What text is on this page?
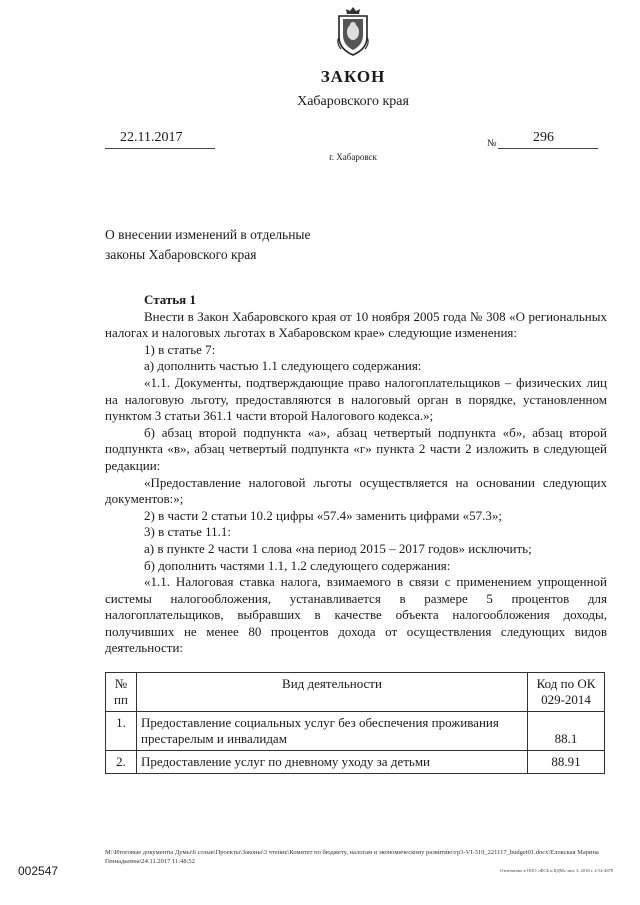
ЗАКОН
Хабаровского края
22.11.2017	№	296
г. Хабаровск
О внесении изменений в отдельные
законы Хабаровского края

Статья 1

Внести в Закон Хабаровского края от 10 ноября 2005 года № 308 «О региональных налогах и налоговых льготах в Хабаровском крае» следующие изменения:

1) в статье 7:

а) дополнить частью 1.1 следующего содержания:

«1.1. Документы, подтверждающие право налогоплательщиков – физических лиц на налоговую льготу, предоставляются в налоговый орган в порядке, установленном пунктом 3 статьи 361.1 части второй Налогового кодекса.»;

б) абзац второй подпункта «а», абзац четвертый подпункта «б», абзац второй подпункта «в», абзац четвертый подпункта «г» пункта 2 части 2 изложить в следующей редакции:

«Предоставление налоговой льготы осуществляется на основании следующих документов:»;

2) в части 2 статьи 10.2 цифры «57.4» заменить цифрами «57.3»;

3) в статье 11.1:

а) в пункте 2 части 1 слова «на период 2015 – 2017 годов» исключить;

б) дополнить частями 1.1, 1.2 следующего содержания:

«1.1. Налоговая ставка налога, взимаемого в связи с применением упрощенной системы налогообложения, устанавливается в размере 5 процентов для налогоплательщиков, выбравших в качестве объекта налогообложения доходы, получивших не менее 80 процентов дохода от осуществления следующих видов деятельности:

№ пп	Вид деятельности	Код по ОК 029-2014
1.	Предоставление социальных услуг без обеспечения проживания престарелым и инвалидам	88.1
2.	Предоставление услуг по дневному уходу за детьми	88.91
M:\Итоговые документы Думы\6 созыв\Проекты\Законы\3 чтение\Комитет по бюджету, налогам и экономическому развитию\гр3-VI-319_221117_budget01.docx\Елокская Марина Геннадьевна\24.11.2017 11:48:52
002547	Отпечатано в ООО «ФСБ и КДМ» тип. 3. 2018 г. 2-52-4878
